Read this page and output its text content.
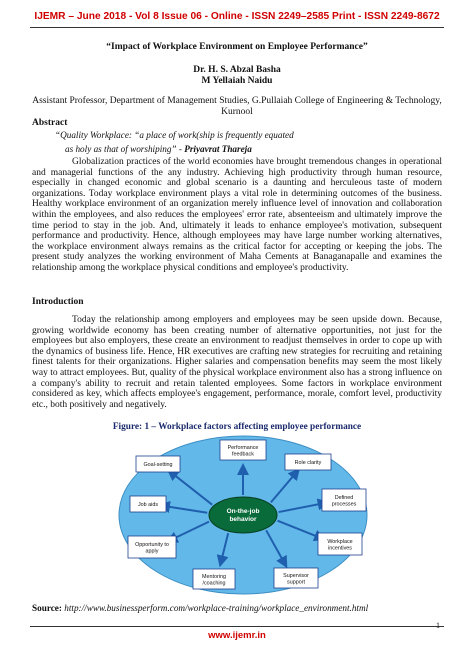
IJEMR – June 2018 - Vol 8 Issue 06 - Online - ISSN 2249–2585 Print - ISSN 2249-8672
“Impact of Workplace Environment on Employee Performance”
Dr. H. S. Abzal Basha
M Yellaiah Naidu
Assistant Professor, Department of Management Studies, G.Pullaiah College of Engineering & Technology, Kurnool
Abstract
“Quality Workplace: “a place of work(ship is frequently equated
as holy as that of worshiping” - Priyavrat Thareja

Globalization practices of the world economies have brought tremendous changes in operational and managerial functions of the any industry. Achieving high productivity through human resource, especially in changed economic and global scenario is a daunting and herculeous taste of modern organizations. Today workplace environment plays a vital role in determining outcomes of the business. Healthy workplace environment of an organization merely influence level of innovation and collaboration within the employees, and also reduces the employees' error rate, absenteeism and ultimately improve the time period to stay in the job. And, ultimately it leads to enhance employee's motivation, subsequent performance and productivity. Hence, although employees may have large number working alternatives, the workplace environment always remains as the critical factor for accepting or keeping the jobs. The present study analyzes the working environment of Maha Cements at Banaganapalle and examines the relationship among the workplace physical conditions and employee's productivity.

Introduction

Today the relationship among employers and employees may be seen upside down. Because, growing worldwide economy has been creating number of alternative opportunities, not just for the employees but also employers, these create an environment to readjust themselves in order to cope up with the dynamics of business life. Hence, HR executives are crafting new strategies for recruiting and retaining finest talents for their organizations. Higher salaries and compensation benefits may seem the most likely way to attract employees. But, quality of the physical workplace environment also has a strong influence on a company's ability to recruit and retain talented employees. Some factors in workplace environment considered as key, which affects employee's engagement, performance, morale, comfort level, productivity etc., both positively and negatively.

Figure: 1 – Workplace factors affecting employee performance
On-the-job
behavior
Performance
feedback
Role clarity
Defined
processes
Workplace
incentives
Supervisor
support
Mentoring
/coaching
Opportunity to
apply
Job aids
Goal-setting
Source: http://www.businessperform.com/workplace-training/workplace_environment.html
www.ijemr.in
